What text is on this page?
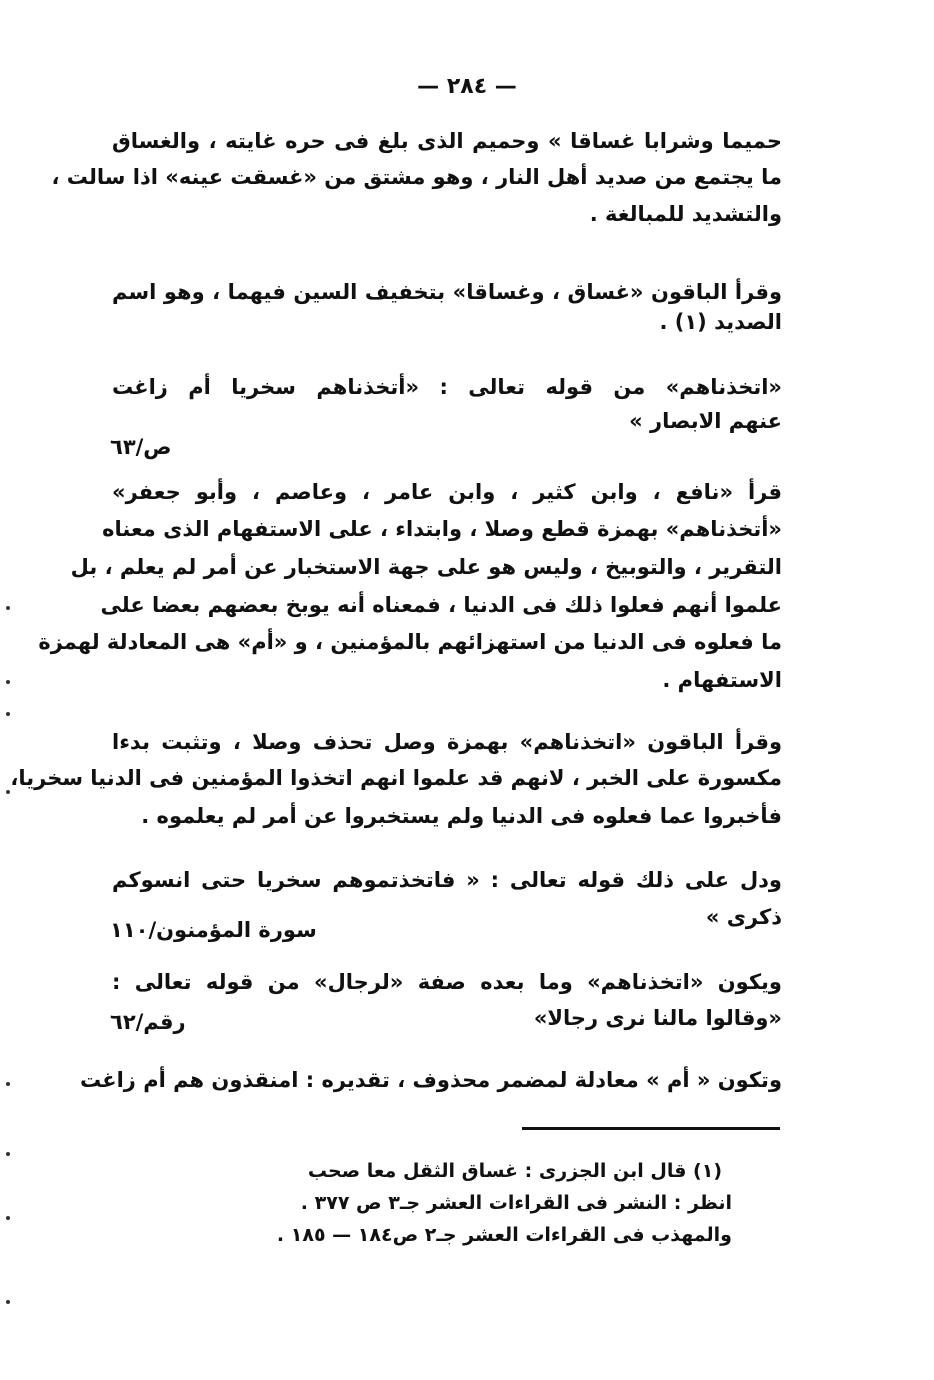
— ٢٨٤ —
حميما وشرابا غساقا » وحميم الذى بلغ فى حره غايته ، والغساق
ما يجتمع من صديد أهل النار ، وهو مشتق من «غسقت عينه» اذا سالت ،
والتشديد للمبالغة .
وقرأ الباقون «غساق ، وغساقا» بتخفيف السين فيهما ، وهو اسم
الصديد (١) .
«اتخذناهم» من قوله تعالى : «أتخذناهم سخريا أم زاغت
عنهم الابصار »
ص/٦٣
قرأ «نافع ، وابن كثير ، وابن عامر ، وعاصم ، وأبو جعفر»
«أتخذناهم» بهمزة قطع وصلا ، وابتداء ، على الاستفهام الذى معناه
التقرير ، والتوبيخ ، وليس هو على جهة الاستخبار عن أمر لم يعلم ، بل
علموا أنهم فعلوا ذلك فى الدنيا ، فمعناه أنه يوبخ بعضهم بعضا على
ما فعلوه فى الدنيا من استهزائهم بالمؤمنين ، و «أم» هى المعادلة لهمزة
الاستفهام .
وقرأ الباقون «اتخذناهم» بهمزة وصل تحذف وصلا ، وتثبت بدءا
مكسورة على الخبر ، لانهم قد علموا انهم اتخذوا المؤمنين فى الدنيا سخريا،
فأخبروا عما فعلوه فى الدنيا ولم يستخبروا عن أمر لم يعلموه .
ودل على ذلك قوله تعالى : « فاتخذتموهم سخريا حتى انسوكم
ذكرى »
سورة المؤمنون/١١٠
ويكون «اتخذناهم» وما بعده صفة «لرجال» من قوله تعالى :
«وقالوا مالنا نرى رجالا»
رقم/٦٢
وتكون « أم » معادلة لمضمر محذوف ، تقديره : امنقذون هم أم زاغت
(١) قال ابن الجزرى : غساق الثقل معا صحب
انظر : النشر فى القراءات العشر جـ٣ ص ٣٧٧ .
والمهذب فى القراءات العشر جـ٢ ص١٨٤ — ١٨٥ .
